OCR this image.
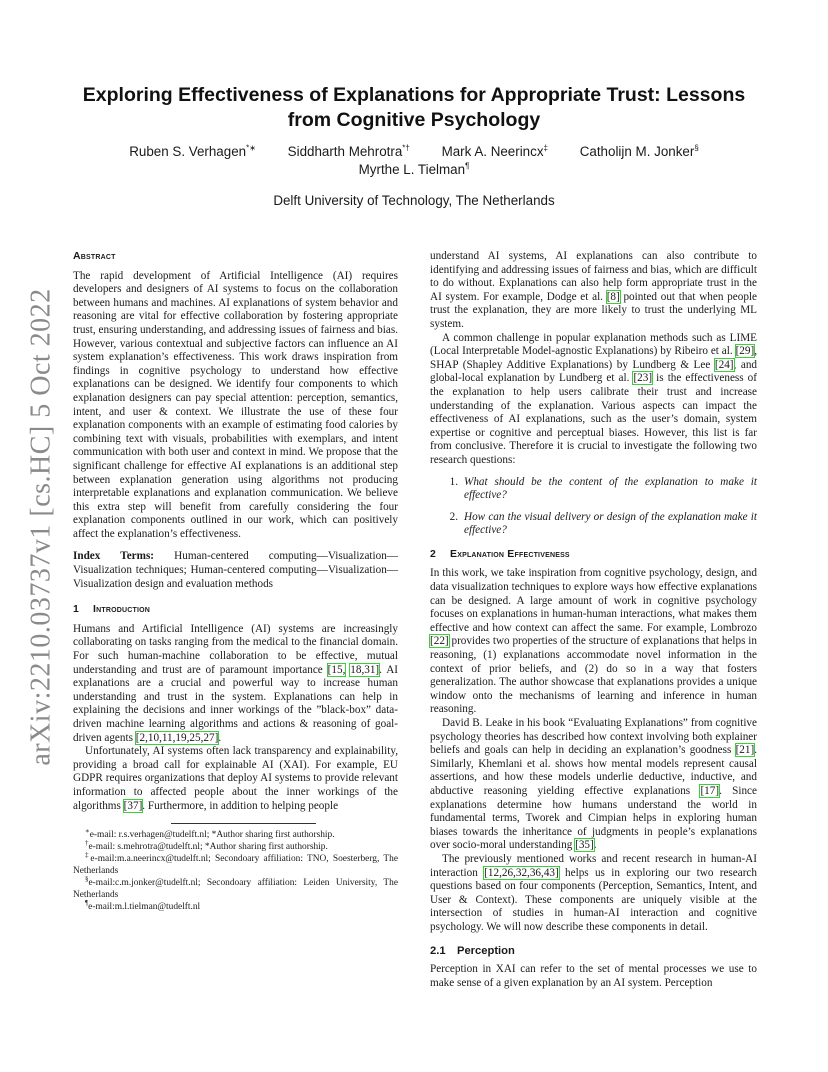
arXiv:2210.03737v1 [cs.HC] 5 Oct 2022
Exploring Effectiveness of Explanations for Appropriate Trust: Lessons from Cognitive Psychology
Ruben S. Verhagen*∗ Siddharth Mehrotra*† Mark A. Neerincx‡ Catholijn M. Jonker§
Myrthe L. Tielman¶
Delft University of Technology, The Netherlands
Abstract

The rapid development of Artificial Intelligence (AI) requires developers and designers of AI systems to focus on the collaboration between humans and machines. AI explanations of system behavior and reasoning are vital for effective collaboration by fostering appropriate trust, ensuring understanding, and addressing issues of fairness and bias. However, various contextual and subjective factors can influence an AI system explanation’s effectiveness. This work draws inspiration from findings in cognitive psychology to understand how effective explanations can be designed. We identify four components to which explanation designers can pay special attention: perception, semantics, intent, and user & context. We illustrate the use of these four explanation components with an example of estimating food calories by combining text with visuals, probabilities with exemplars, and intent communication with both user and context in mind. We propose that the significant challenge for effective AI explanations is an additional step between explanation generation using algorithms not producing interpretable explanations and explanation communication. We believe this extra step will benefit from carefully considering the four explanation components outlined in our work, which can positively affect the explanation’s effectiveness.

Index Terms: Human-centered computing—Visualization—Visualization techniques; Human-centered computing—Visualization—Visualization design and evaluation methods

1 Introduction

Humans and Artificial Intelligence (AI) systems are increasingly collaborating on tasks ranging from the medical to the financial domain. For such human-machine collaboration to be effective, mutual understanding and trust are of paramount importance [15, 18,31]. AI explanations are a crucial and powerful way to increase human understanding and trust in the system. Explanations can help in explaining the decisions and inner workings of the ”black-box” data-driven machine learning algorithms and actions & reasoning of goal-driven agents [2,10,11,19,25,27].

Unfortunately, AI systems often lack transparency and explainability, providing a broad call for explainable AI (XAI). For example, EU GDPR requires organizations that deploy AI systems to provide relevant information to affected people about the inner workings of the algorithms [37]. Furthermore, in addition to helping people

∗e-mail: r.s.verhagen@tudelft.nl; *Author sharing first authorship.

†e-mail: s.mehrotra@tudelft.nl; *Author sharing first authorship.

‡e-mail:m.a.neerincx@tudelft.nl; Secondoary affiliation: TNO, Soesterberg, The Netherlands

§e-mail:c.m.jonker@tudelft.nl; Secondoary affiliation: Leiden University, The Netherlands

¶e-mail:m.l.tielman@tudelft.nl

understand AI systems, AI explanations can also contribute to identifying and addressing issues of fairness and bias, which are difficult to do without. Explanations can also help form appropriate trust in the AI system. For example, Dodge et al. [8] pointed out that when people trust the explanation, they are more likely to trust the underlying ML system.

A common challenge in popular explanation methods such as LIME (Local Interpretable Model-agnostic Explanations) by Ribeiro et al. [29], SHAP (Shapley Additive Explanations) by Lundberg & Lee [24], and global-local explanation by Lundberg et al. [23] is the effectiveness of the explanation to help users calibrate their trust and increase understanding of the explanation. Various aspects can impact the effectiveness of AI explanations, such as the user’s domain, system expertise or cognitive and perceptual biases. However, this list is far from conclusive. Therefore it is crucial to investigate the following two research questions:

1. What should be the content of the explanation to make it effective?
2. How can the visual delivery or design of the explanation make it effective?
2 Explanation Effectiveness

In this work, we take inspiration from cognitive psychology, design, and data visualization techniques to explore ways how effective explanations can be designed. A large amount of work in cognitive psychology focuses on explanations in human-human interactions, what makes them effective and how context can affect the same. For example, Lombrozo [22] provides two properties of the structure of explanations that helps in reasoning, (1) explanations accommodate novel information in the context of prior beliefs, and (2) do so in a way that fosters generalization. The author showcase that explanations provides a unique window onto the mechanisms of learning and inference in human reasoning.

David B. Leake in his book “Evaluating Explanations” from cognitive psychology theories has described how context involving both explainer beliefs and goals can help in deciding an explanation’s goodness [21]. Similarly, Khemlani et al. shows how mental models represent causal assertions, and how these models underlie deductive, inductive, and abductive reasoning yielding effective explanations [17]. Since explanations determine how humans understand the world in fundamental terms, Tworek and Cimpian helps in exploring human biases towards the inheritance of judgments in people’s explanations over socio-moral understanding [35].

The previously mentioned works and recent research in human-AI interaction [12,26,32,36,43] helps us in exploring our two research questions based on four components (Perception, Semantics, Intent, and User & Context). These components are uniquely visible at the intersection of studies in human-AI interaction and cognitive psychology. We will now describe these components in detail.

2.1 Perception

Perception in XAI can refer to the set of mental processes we use to make sense of a given explanation by an AI system. Perception
